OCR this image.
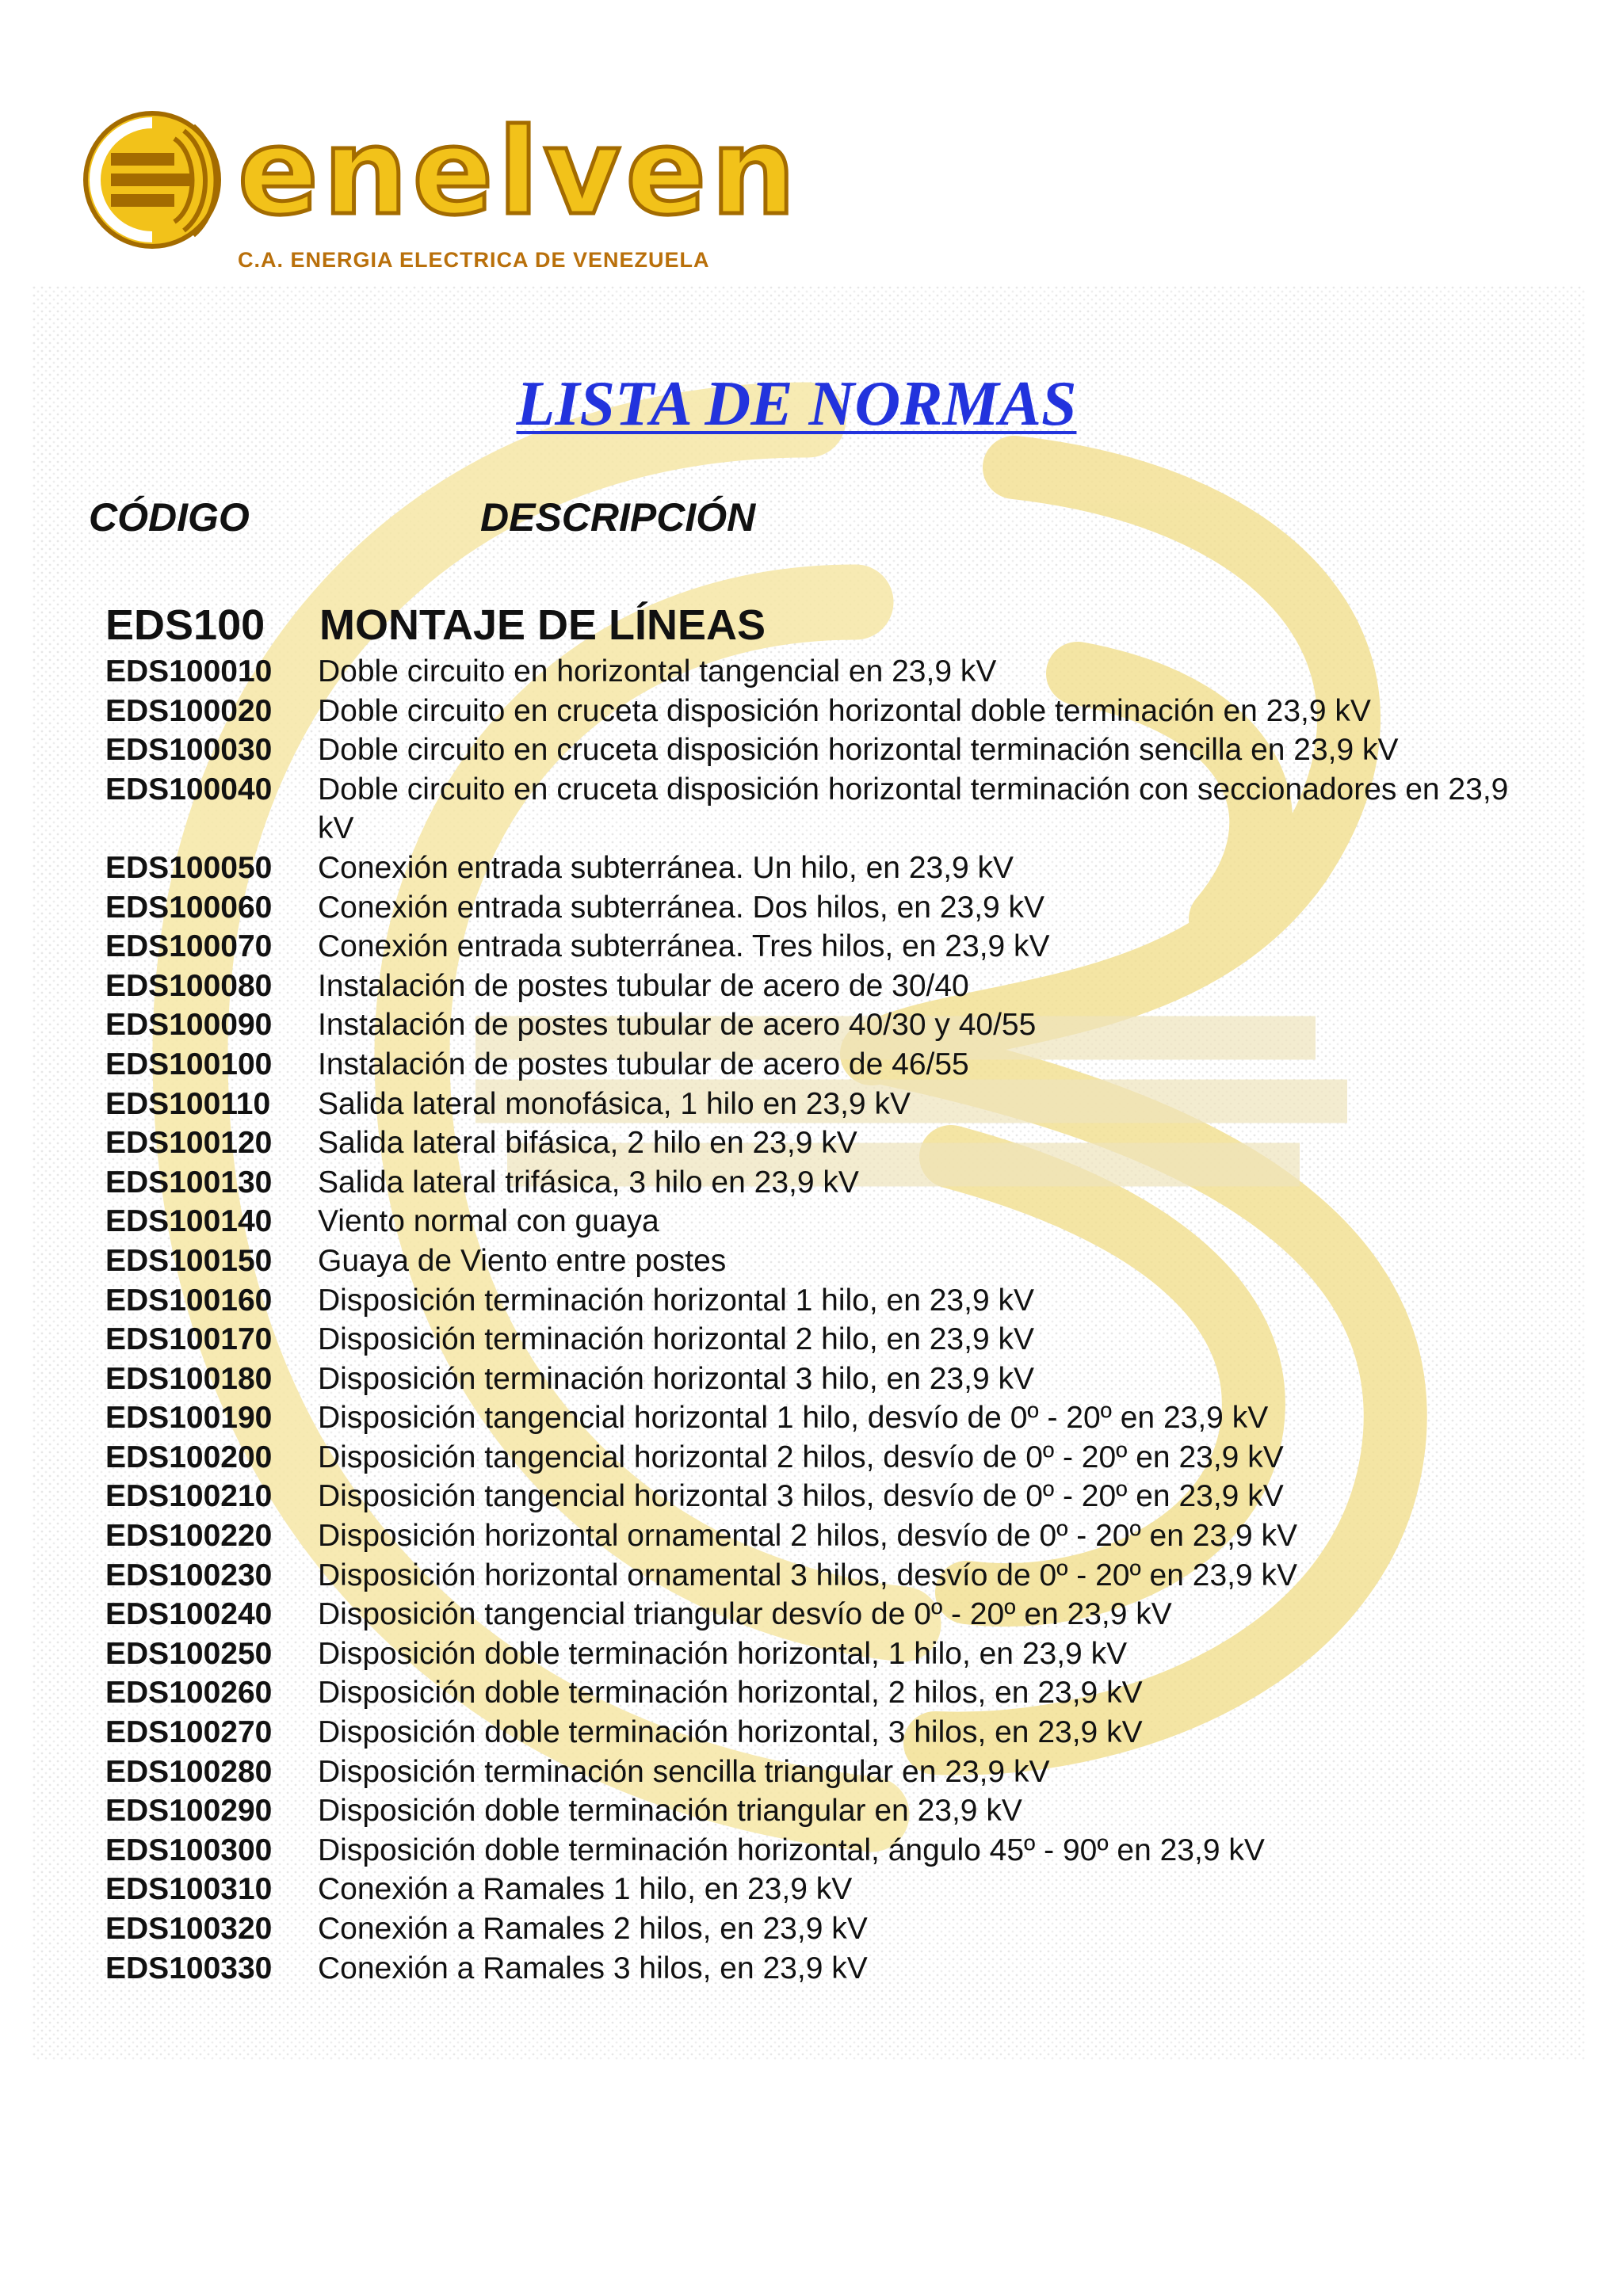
enelven
C.A. ENERGIA ELECTRICA DE VENEZUELA
LISTA DE NORMAS
CÓDIGO	DESCRIPCIÓN
EDS100 MONTAJE DE LÍNEAS
EDS100010 Doble circuito en horizontal tangencial en 23,9 kV
EDS100020 Doble circuito en cruceta disposición horizontal doble terminación en 23,9 kV
EDS100030 Doble circuito en cruceta disposición horizontal terminación sencilla en 23,9 kV
EDS100040 Doble circuito en cruceta disposición horizontal terminación con seccionadores en 23,9 kV
EDS100050 Conexión entrada subterránea. Un hilo, en 23,9 kV
EDS100060 Conexión entrada subterránea. Dos hilos, en 23,9 kV
EDS100070 Conexión entrada subterránea. Tres hilos, en 23,9 kV
EDS100080 Instalación de postes tubular de acero de 30/40
EDS100090 Instalación de postes tubular de acero 40/30 y 40/55
EDS100100 Instalación de postes tubular de acero de 46/55
EDS100110 Salida lateral monofásica, 1 hilo en 23,9 kV
EDS100120 Salida lateral bifásica, 2 hilo en 23,9 kV
EDS100130 Salida lateral trifásica, 3 hilo en 23,9 kV
EDS100140 Viento normal con guaya
EDS100150 Guaya de Viento entre postes
EDS100160 Disposición terminación horizontal 1 hilo, en 23,9 kV
EDS100170 Disposición terminación horizontal 2 hilo, en 23,9 kV
EDS100180 Disposición terminación horizontal 3 hilo, en 23,9 kV
EDS100190 Disposición tangencial horizontal 1 hilo, desvío de 0º - 20º en 23,9 kV
EDS100200 Disposición tangencial horizontal 2 hilos, desvío de 0º - 20º en 23,9 kV
EDS100210 Disposición tangencial horizontal 3 hilos, desvío de 0º - 20º en 23,9 kV
EDS100220 Disposición horizontal ornamental 2 hilos, desvío de 0º - 20º en 23,9 kV
EDS100230 Disposición horizontal ornamental 3 hilos, desvío de 0º - 20º en 23,9 kV
EDS100240 Disposición tangencial triangular desvío de 0º - 20º en 23,9 kV
EDS100250 Disposición doble terminación horizontal, 1 hilo, en 23,9 kV
EDS100260 Disposición doble terminación horizontal, 2 hilos, en 23,9 kV
EDS100270 Disposición doble terminación horizontal, 3 hilos, en 23,9 kV
EDS100280 Disposición terminación sencilla triangular en 23,9 kV
EDS100290 Disposición doble terminación triangular en 23,9 kV
EDS100300 Disposición doble terminación horizontal, ángulo 45º - 90º en 23,9 kV
EDS100310 Conexión a Ramales 1 hilo, en 23,9 kV
EDS100320 Conexión a Ramales 2 hilos, en 23,9 kV
EDS100330 Conexión a Ramales 3 hilos, en 23,9 kV
